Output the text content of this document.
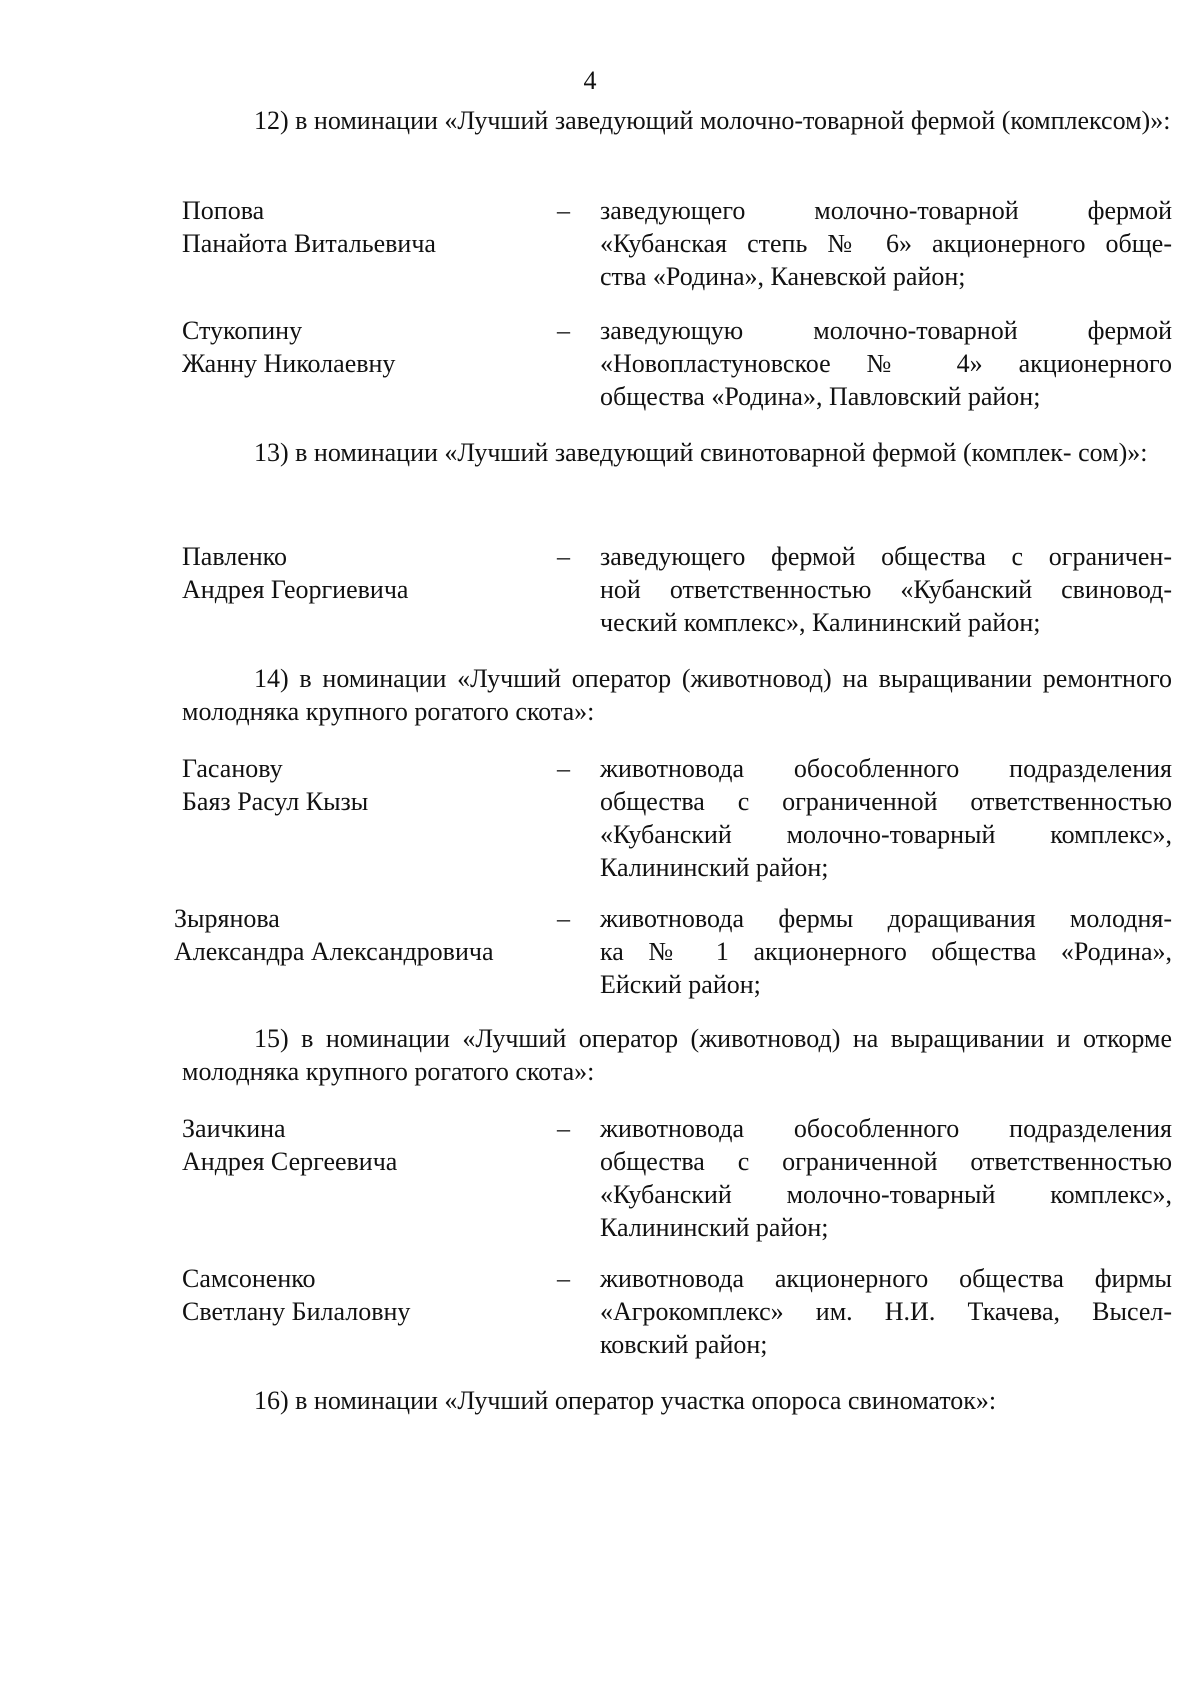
4
12) в номинации «Лучший заведующий молочно-товарной фермой (комплексом)»:
Попова
Панайота Витальевича
– заведующего молочно-товарной фермой
«Кубанская степь № 6» акционерного обще-
ства «Родина», Каневской район;
Стукопину
Жанну Николаевну
– заведующую молочно-товарной фермой
«Новопластуновское № 4» акционерного
общества «Родина», Павловский район;
13) в номинации «Лучший заведующий свинотоварной фермой (комплек- сом)»:
Павленко
Андрея Георгиевича
– заведующего фермой общества с ограничен-
ной ответственностью «Кубанский свиновод-
ческий комплекс», Калининский район;
14) в номинации «Лучший оператор (животновод) на выращивании ремонтного молодняка крупного рогатого скота»:
Гасанову
Баяз Расул Кызы
– животновода обособленного подразделения
общества с ограниченной ответственностью
«Кубанский молочно-товарный комплекс»,
Калининский район;
Зырянова
Александра Александровича
– животновода фермы доращивания молодня-
ка № 1 акционерного общества «Родина»,
Ейский район;
15) в номинации «Лучший оператор (животновод) на выращивании и откорме молодняка крупного рогатого скота»:
Заичкина
Андрея Сергеевича
– животновода обособленного подразделения
общества с ограниченной ответственностью
«Кубанский молочно-товарный комплекс»,
Калининский район;
Самсоненко
Светлану Билаловну
– животновода акционерного общества фирмы
«Агрокомплекс» им. Н.И. Ткачева, Высел-
ковский район;
16) в номинации «Лучший оператор участка опороса свиноматок»:
